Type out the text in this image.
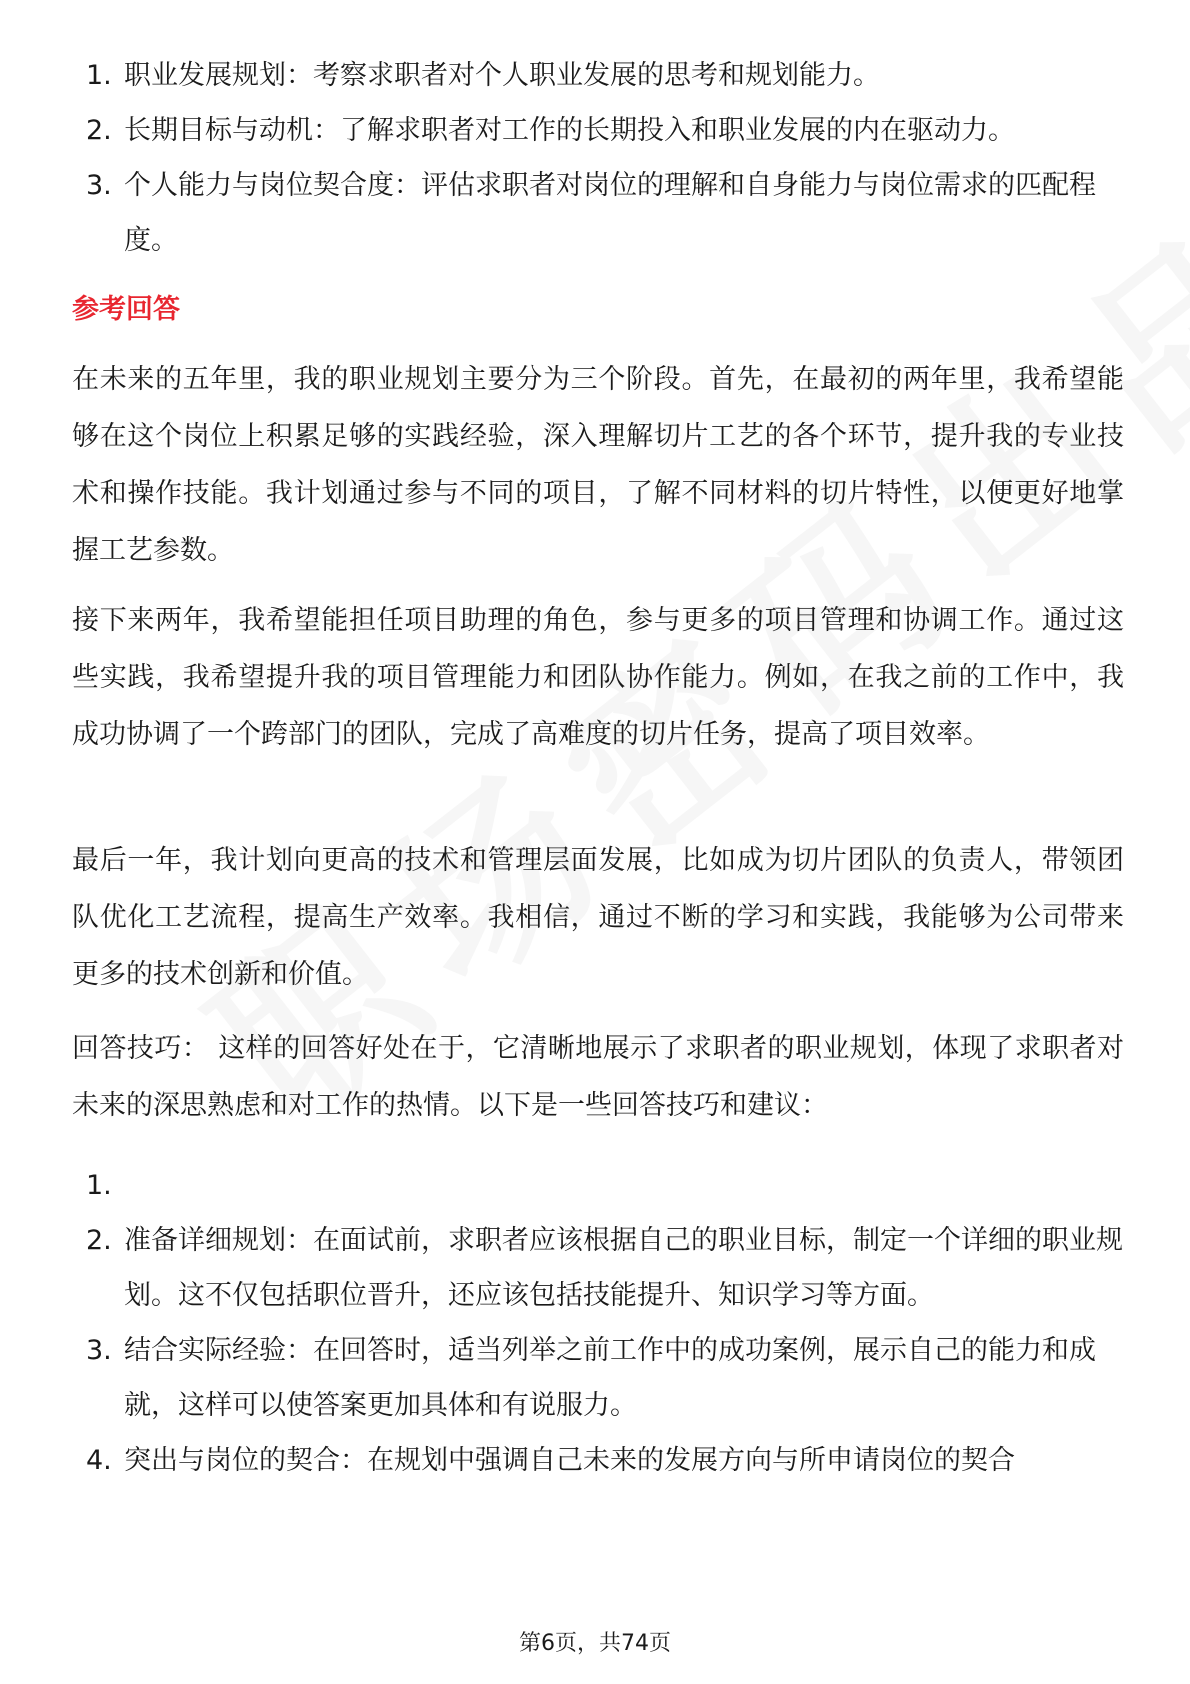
1. 职业发展规划：考察求职者对个人职业发展的思考和规划能力。
2. 长期目标与动机：了解求职者对工作的长期投入和职业发展的内在驱动力。
3. 个人能力与岗位契合度：评估求职者对岗位的理解和自身能力与岗位需求的匹配程度。
参考回答

在未来的五年里，我的职业规划主要分为三个阶段。首先，在最初的两年里，我希望能够在这个岗位上积累足够的实践经验，深入理解切片工艺的各个环节，提升我的专业技术和操作技能。我计划通过参与不同的项目，了解不同材料的切片特性，以便更好地掌握工艺参数。

接下来两年，我希望能担任项目助理的角色，参与更多的项目管理和协调工作。通过这些实践，我希望提升我的项目管理能力和团队协作能力。例如，在我之前的工作中，我成功协调了一个跨部门的团队，完成了高难度的切片任务，提高了项目效率。

最后一年，我计划向更高的技术和管理层面发展，比如成为切片团队的负责人，带领团队优化工艺流程，提高生产效率。我相信，通过不断的学习和实践，我能够为公司带来更多的技术创新和价值。

回答技巧： 这样的回答好处在于，它清晰地展示了求职者的职业规划，体现了求职者对未来的深思熟虑和对工作的热情。以下是一些回答技巧和建议：

1.
2. 准备详细规划：在面试前，求职者应该根据自己的职业目标，制定一个详细的职业规划。这不仅包括职位晋升，还应该包括技能提升、知识学习等方面。
3. 结合实际经验：在回答时，适当列举之前工作中的成功案例，展示自己的能力和成就，这样可以使答案更加具体和有说服力。
4. 突出与岗位的契合：在规划中强调自己未来的发展方向与所申请岗位的契合
第6页，共74页
